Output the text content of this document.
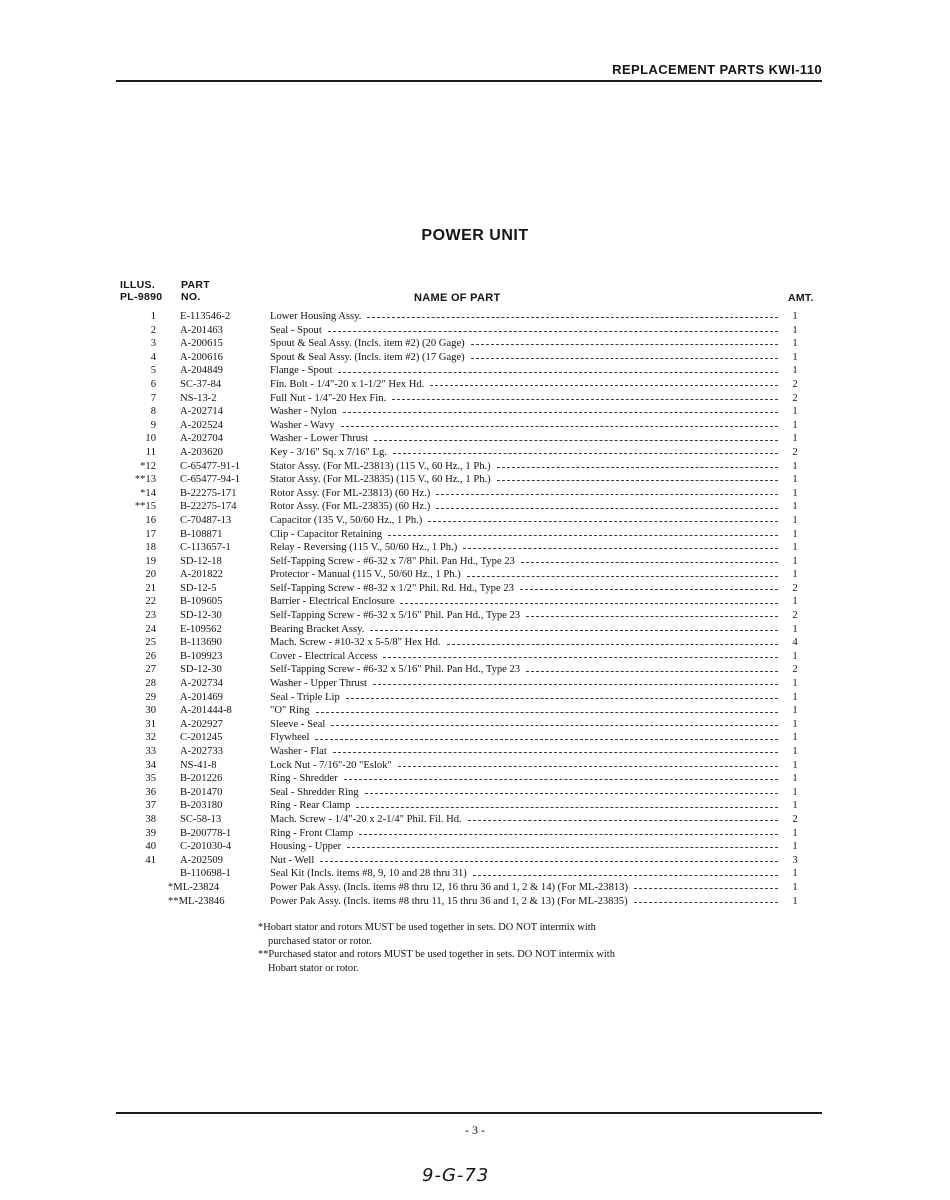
REPLACEMENT PARTS KWI-110
POWER UNIT
ILLUS.
PL-9890
PART
NO.	NAME OF PART	AMT.
1 E-113546-2	Lower Housing Assy.	1
2 A-201463	Seal - Spout	1
3 A-200615	Spout & Seal Assy. (Incls. item #2) (20 Gage)	1
4 A-200616	Spout & Seal Assy. (Incls. item #2) (17 Gage)	1
5 A-204849	Flange - Spout	1
6 SC-37-84	Fin. Bolt - 1/4"-20 x 1-1/2" Hex Hd.	2
7 NS-13-2	Full Nut - 1/4"-20 Hex Fin.	2
8 A-202714	Washer - Nylon	1
9 A-202524	Washer - Wavy	1
10 A-202704	Washer - Lower Thrust	1
11 A-203620	Key - 3/16" Sq. x 7/16" Lg.	2
*12 C-65477-91-1	Stator Assy. (For ML-23813) (115 V., 60 Hz., 1 Ph.)	1
**13 C-65477-94-1	Stator Assy. (For ML-23835) (115 V., 60 Hz., 1 Ph.)	1
*14 B-22275-171	Rotor Assy. (For ML-23813) (60 Hz.)	1
**15 B-22275-174	Rotor Assy. (For ML-23835) (60 Hz.)	1
16 C-70487-13	Capacitor (135 V., 50/60 Hz., 1 Ph.)	1
17 B-108871	Clip - Capacitor Retaining	1
18 C-113657-1	Relay - Reversing (115 V., 50/60 Hz., 1 Ph.)	1
19 SD-12-18	Self-Tapping Screw - #6-32 x 7/8" Phil. Pan Hd., Type 23	1
20 A-201822	Protector - Manual (115 V., 50/60 Hz., 1 Ph.)	1
21 SD-12-5	Self-Tapping Screw - #8-32 x 1/2" Phil. Rd. Hd., Type 23	2
22 B-109605	Barrier - Electrical Enclosure	1
23 SD-12-30	Self-Tapping Screw - #6-32 x 5/16" Phil. Pan Hd., Type 23	2
24 E-109562	Bearing Bracket Assy.	1
25 B-113690	Mach. Screw - #10-32 x 5-5/8" Hex Hd.	4
26 B-109923	Cover - Electrical Access	1
27 SD-12-30	Self-Tapping Screw - #6-32 x 5/16" Phil. Pan Hd., Type 23	2
28 A-202734	Washer - Upper Thrust	1
29 A-201469	Seal - Triple Lip	1
30 A-201444-8	"O" Ring	1
31 A-202927	Sleeve - Seal	1
32 C-201245	Flywheel	1
33 A-202733	Washer - Flat	1
34 NS-41-8	Lock Nut - 7/16"-20 "Eslok"	1
35 B-201226	Ring - Shredder	1
36 B-201470	Seal - Shredder Ring	1
37 B-203180	Ring - Rear Clamp	1
38 SC-58-13	Mach. Screw - 1/4"-20 x 2-1/4" Phil. Fil. Hd.	2
39 B-200778-1	Ring - Front Clamp	1
40 C-201030-4	Housing - Upper	1
41 A-202509	Nut - Well	3
B-110698-1	Seal Kit (Incls. items #8, 9, 10 and 28 thru 31)	1
*ML-23824	Power Pak Assy. (Incls. items #8 thru 12, 16 thru 36 and 1, 2 & 14) (For ML-23813)	1
**ML-23846	Power Pak Assy. (Incls. items #8 thru 11, 15 thru 36 and 1, 2 & 13) (For ML-23835)	1
*Hobart stator and rotors MUST be used together in sets. DO NOT intermix with
purchased stator or rotor.
**Purchased stator and rotors MUST be used together in sets. DO NOT intermix with
Hobart stator or rotor.
- 3 -
9-G-73
